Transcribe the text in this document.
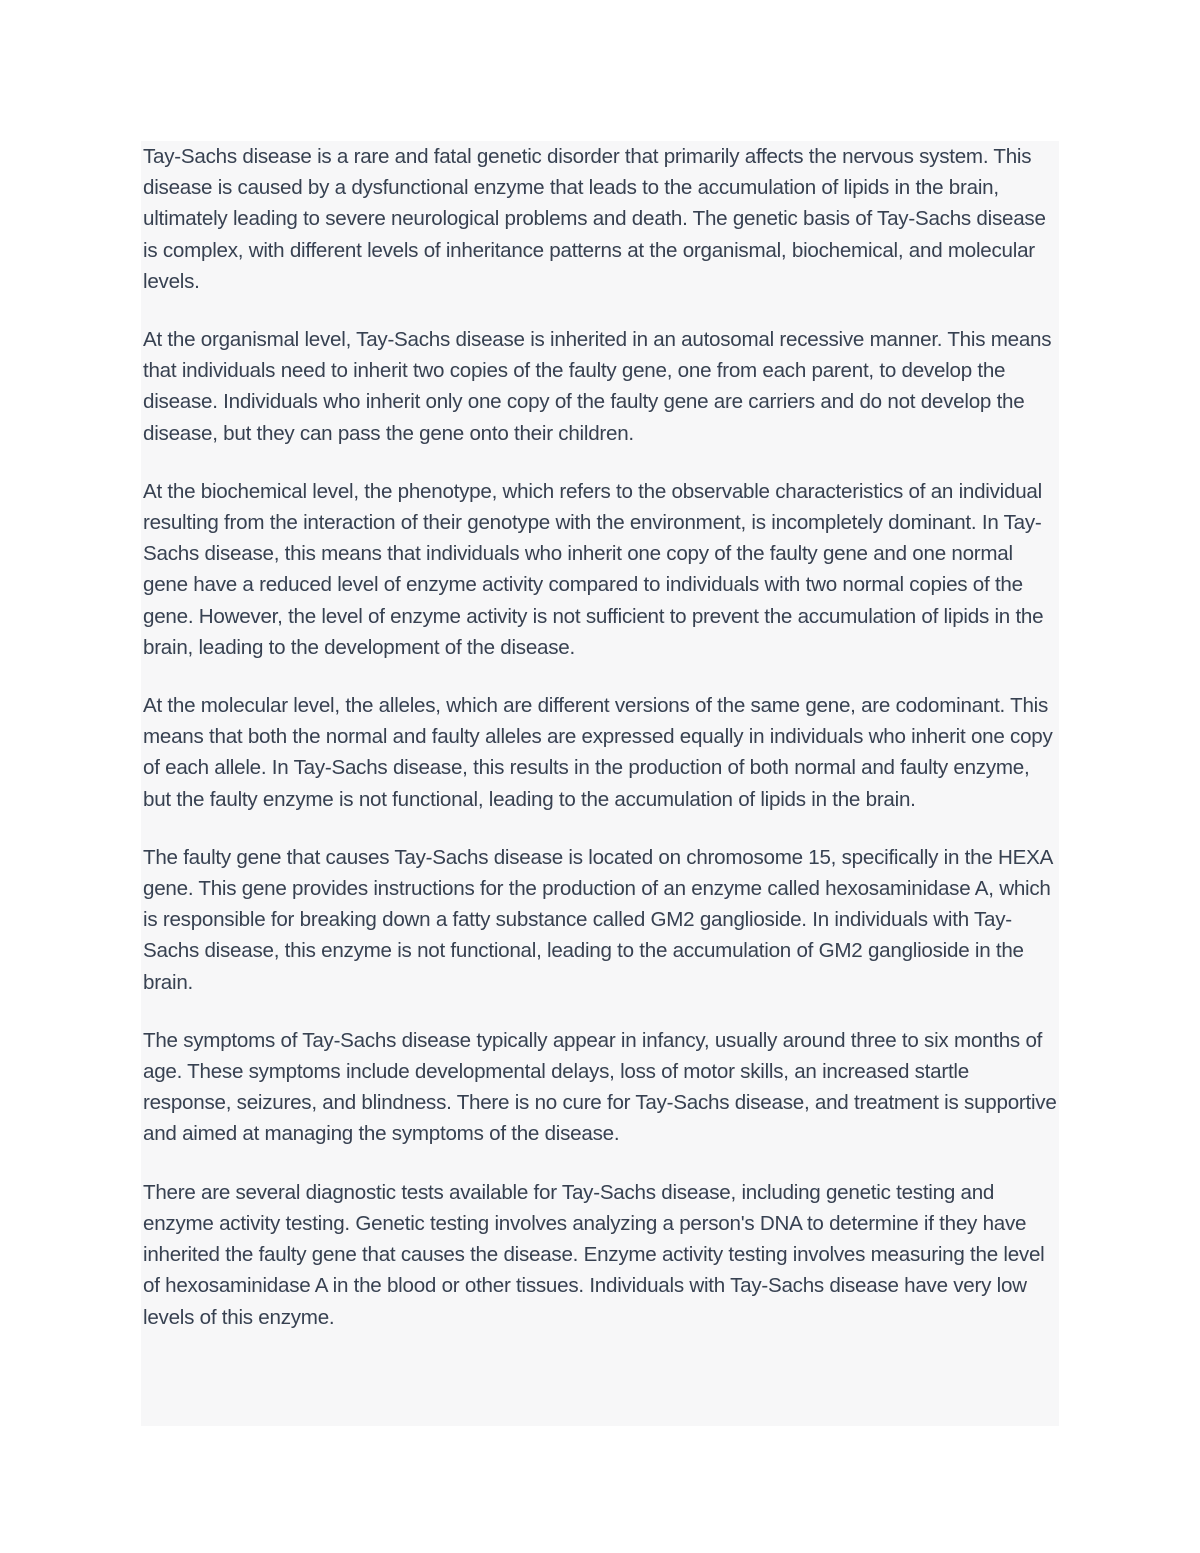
Tay-Sachs disease is a rare and fatal genetic disorder that primarily affects the nervous system. This disease is caused by a dysfunctional enzyme that leads to the accumulation of lipids in the brain, ultimately leading to severe neurological problems and death. The genetic basis of Tay-Sachs disease is complex, with different levels of inheritance patterns at the organismal, biochemical, and molecular levels.

At the organismal level, Tay-Sachs disease is inherited in an autosomal recessive manner. This means that individuals need to inherit two copies of the faulty gene, one from each parent, to develop the disease. Individuals who inherit only one copy of the faulty gene are carriers and do not develop the disease, but they can pass the gene onto their children.

At the biochemical level, the phenotype, which refers to the observable characteristics of an individual resulting from the interaction of their genotype with the environment, is incompletely dominant. In Tay-Sachs disease, this means that individuals who inherit one copy of the faulty gene and one normal gene have a reduced level of enzyme activity compared to individuals with two normal copies of the gene. However, the level of enzyme activity is not sufficient to prevent the accumulation of lipids in the brain, leading to the development of the disease.

At the molecular level, the alleles, which are different versions of the same gene, are codominant. This means that both the normal and faulty alleles are expressed equally in individuals who inherit one copy of each allele. In Tay-Sachs disease, this results in the production of both normal and faulty enzyme, but the faulty enzyme is not functional, leading to the accumulation of lipids in the brain.

The faulty gene that causes Tay-Sachs disease is located on chromosome 15, specifically in the HEXA gene. This gene provides instructions for the production of an enzyme called hexosaminidase A, which is responsible for breaking down a fatty substance called GM2 ganglioside. In individuals with Tay-Sachs disease, this enzyme is not functional, leading to the accumulation of GM2 ganglioside in the brain.

The symptoms of Tay-Sachs disease typically appear in infancy, usually around three to six months of age. These symptoms include developmental delays, loss of motor skills, an increased startle response, seizures, and blindness. There is no cure for Tay-Sachs disease, and treatment is supportive and aimed at managing the symptoms of the disease.

There are several diagnostic tests available for Tay-Sachs disease, including genetic testing and enzyme activity testing. Genetic testing involves analyzing a person's DNA to determine if they have inherited the faulty gene that causes the disease. Enzyme activity testing involves measuring the level of hexosaminidase A in the blood or other tissues. Individuals with Tay-Sachs disease have very low levels of this enzyme.
